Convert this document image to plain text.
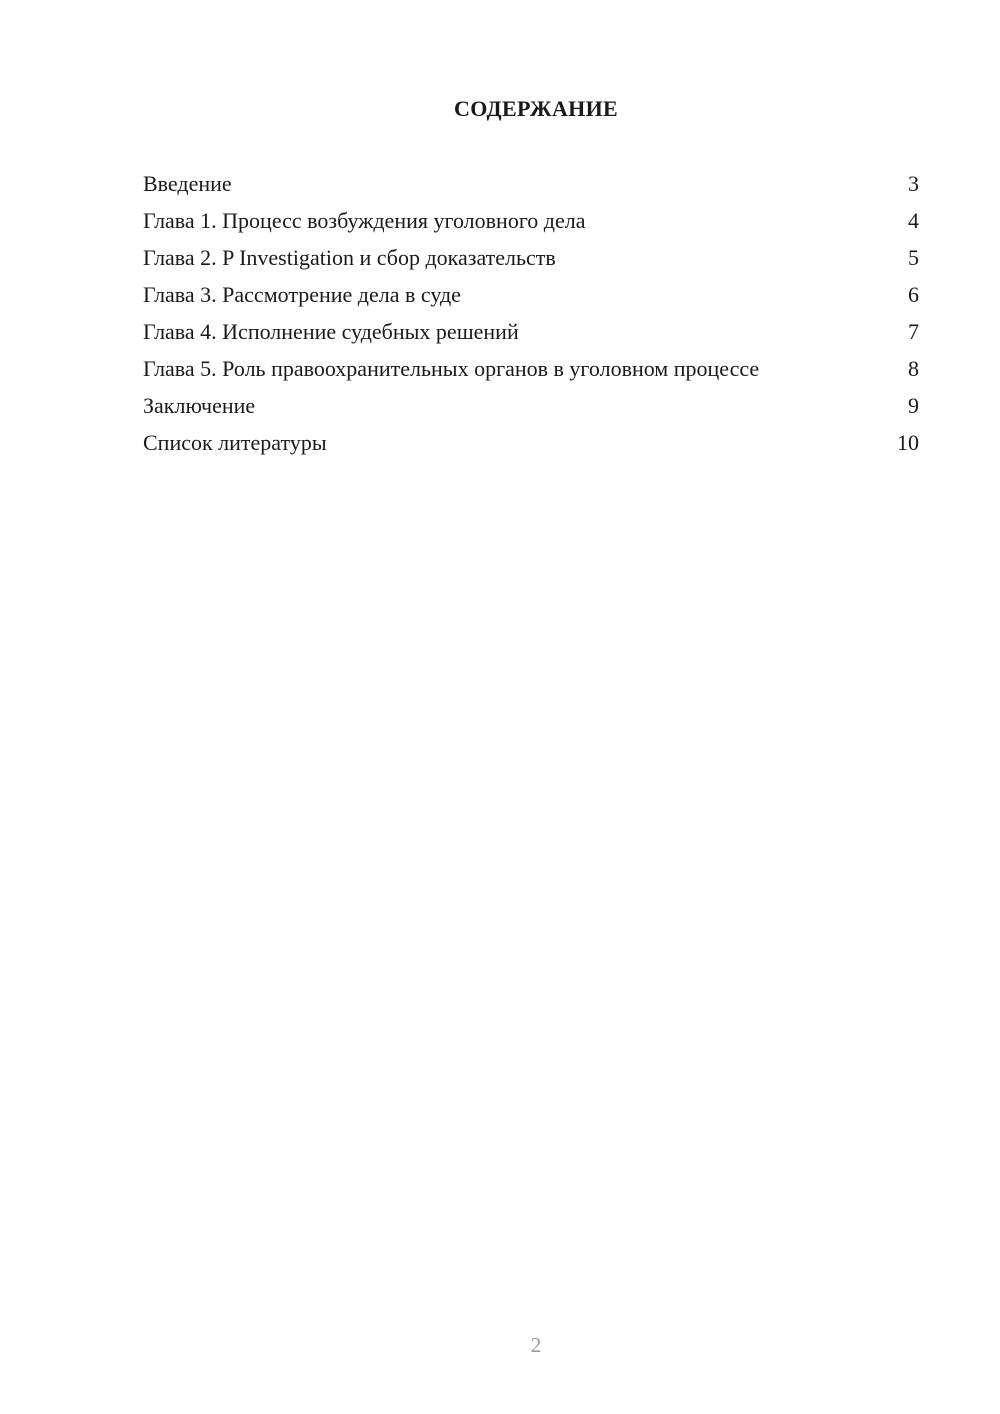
СОДЕРЖАНИЕ
Введение	3
Глава 1. Процесс возбуждения уголовного дела	4
Глава 2. P Investigation и сбор доказательств	5
Глава 3. Рассмотрение дела в суде	6
Глава 4. Исполнение судебных решений	7
Глава 5. Роль правоохранительных органов в уголовном процессе	8
Заключение	9
Список литературы	10
2
